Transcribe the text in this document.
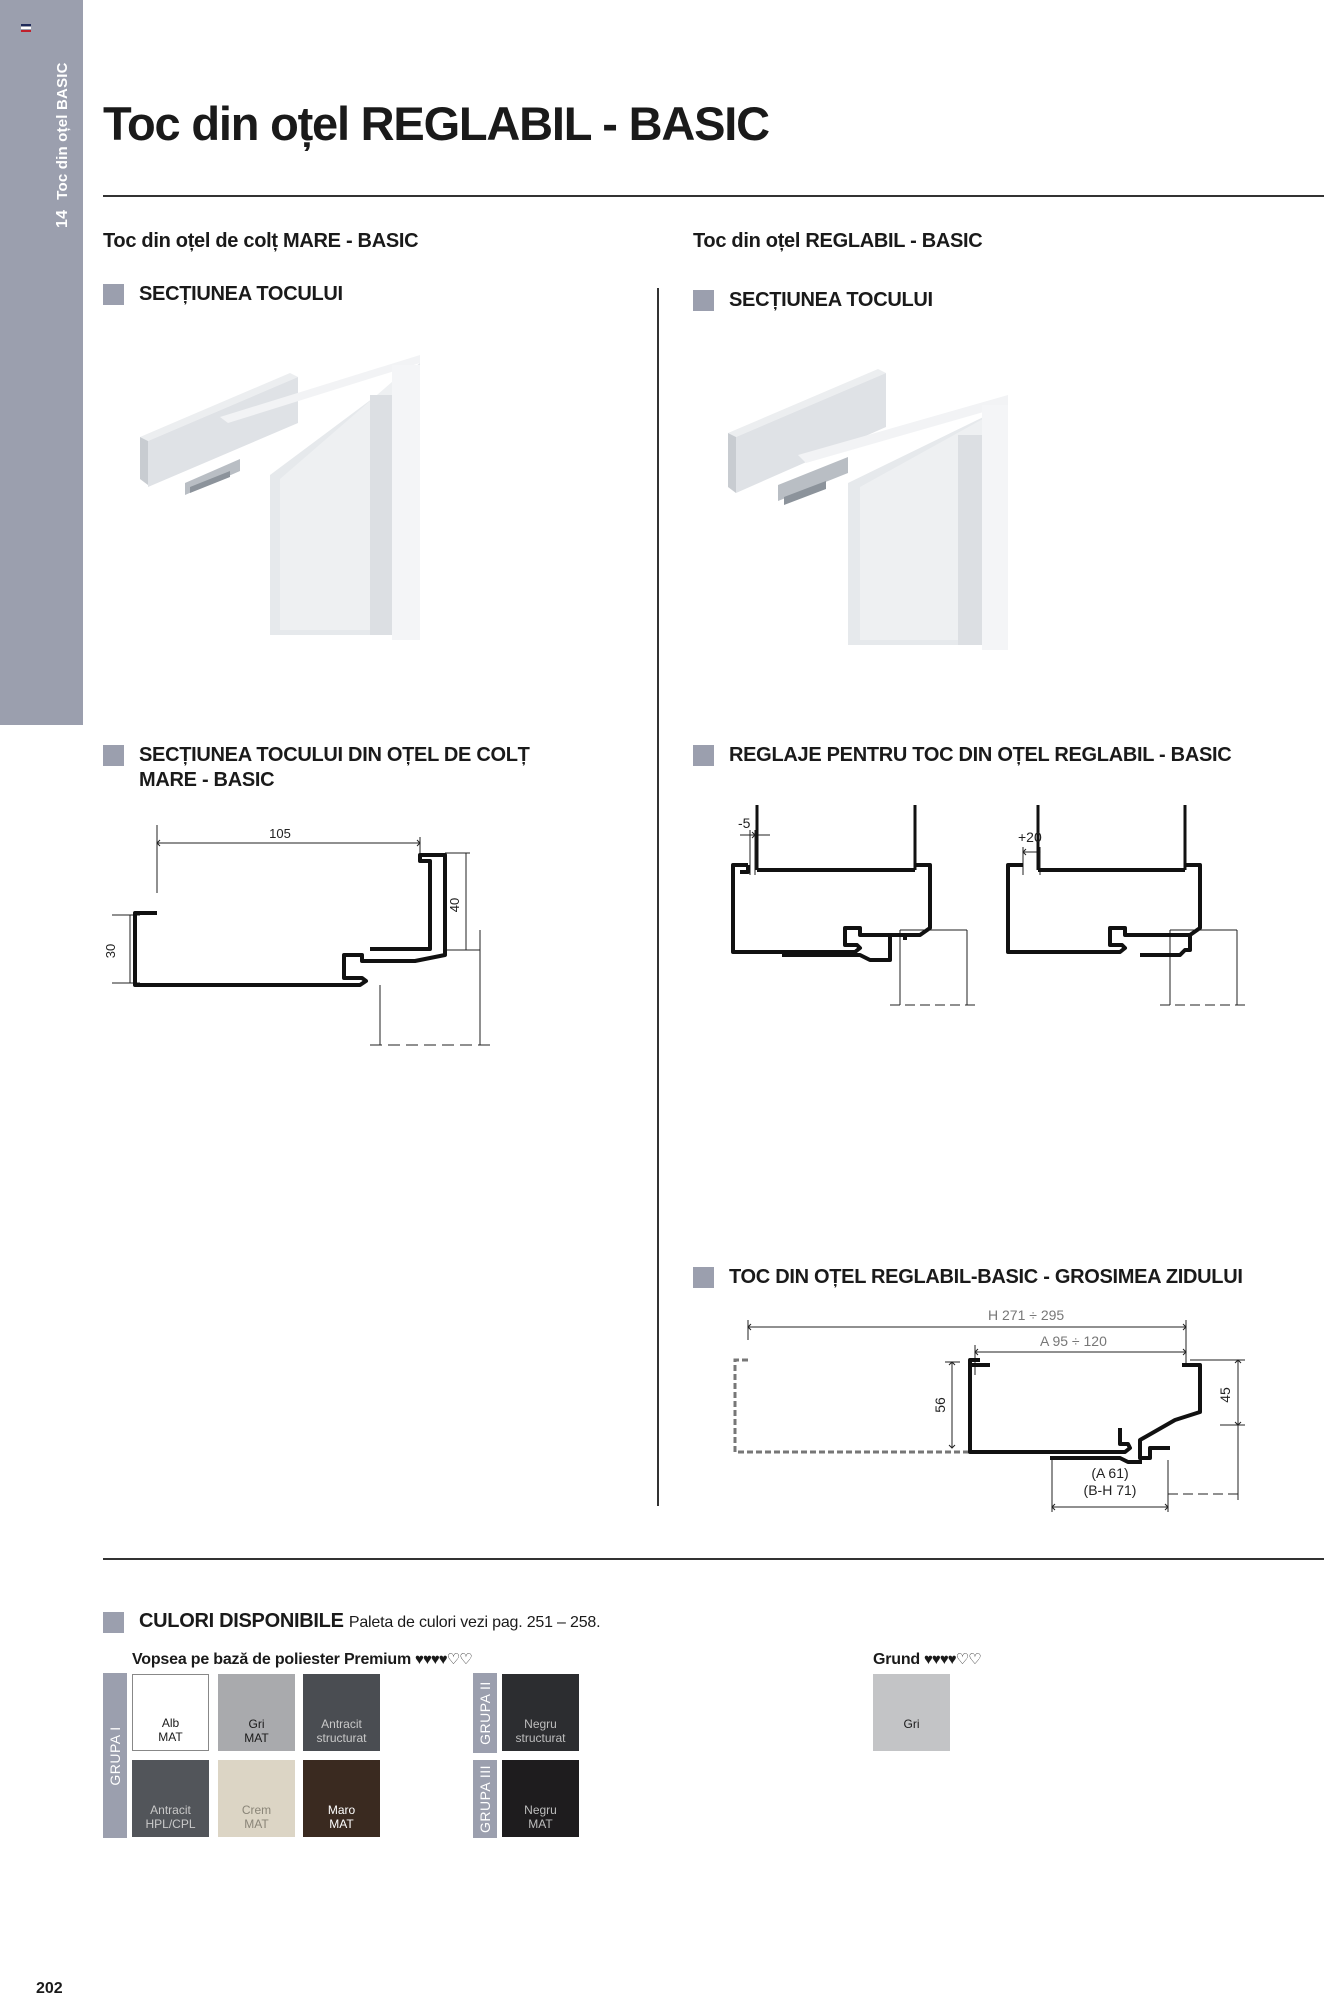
14Toc din oțel BASIC Toc din oțel REGLABIL - BASIC
Toc din oțel de colț MARE - BASIC	Toc din oțel REGLABIL - BASIC
SECȚIUNEA TOCULUI	SECȚIUNEA TOCULUI
SECȚIUNEA TOCULUI DIN OȚEL DE COLȚ
MARE - BASIC
REGLAJE PENTRU TOC DIN OȚEL REGLABIL - BASIC
105
40
30
-5
+20
TOC DIN OȚEL REGLABIL-BASIC - GROSIMEA ZIDULUI
H 271 ÷ 295
A 95 ÷ 120
56
45
(A 61)
(B-H 71)
CULORI DISPONIBILE Paleta de culori vezi pag. 251 – 258.
Vopsea pe bază de poliester Premium ♥♥♥♥♡♡	Grund ♥♥♥♥♡♡
GRUPA I
GRUPA II
GRUPA III
Alb
MAT
Gri
MAT
Antracit
structurat
Antracit
HPL/CPL
Crem
MAT
Maro
MAT
Negru
structurat
Negru
MAT
Gri
202
